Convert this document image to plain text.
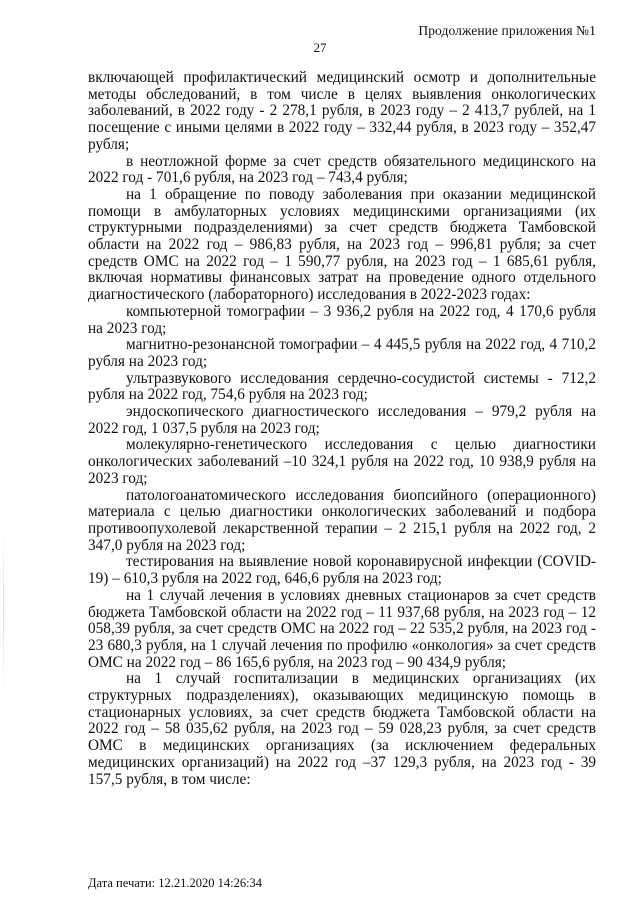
Продолжение приложения №1
27

включающей профилактический медицинский осмотр и дополнительные методы обследований, в том числе в целях выявления онкологических заболеваний, в 2022 году - 2 278,1 рубля, в 2023 году – 2 413,7 рублей, на 1 посещение с иными целями в 2022 году – 332,44 рубля, в 2023 году – 352,47 рубля;

в неотложной форме за счет средств обязательного медицинского на 2022 год - 701,6 рубля, на 2023 год – 743,4 рубля;

на 1 обращение по поводу заболевания при оказании медицинской помощи в амбулаторных условиях медицинскими организациями (их структурными подразделениями) за счет средств бюджета Тамбовской области на 2022 год – 986,83 рубля, на 2023 год – 996,81 рубля; за счет средств ОМС на 2022 год – 1 590,77 рубля, на 2023 год – 1 685,61 рубля, включая нормативы финансовых затрат на проведение одного отдельного диагностического (лабораторного) исследования в 2022-2023 годах:

компьютерной томографии – 3 936,2 рубля на 2022 год, 4 170,6 рубля на 2023 год;

магнитно-резонансной томографии – 4 445,5 рубля на 2022 год, 4 710,2 рубля на 2023 год;

ультразвукового исследования сердечно-сосудистой системы - 712,2 рубля на 2022 год, 754,6 рубля на 2023 год;

эндоскопического диагностического исследования – 979,2 рубля на 2022 год, 1 037,5 рубля на 2023 год;

молекулярно-генетического исследования с целью диагностики онкологических заболеваний –10 324,1 рубля на 2022 год, 10 938,9 рубля на 2023 год;

патологоанатомического исследования биопсийного (операционного) материала с целью диагностики онкологических заболеваний и подбора противоопухолевой лекарственной терапии – 2 215,1 рубля на 2022 год, 2 347,0 рубля на 2023 год;

тестирования на выявление новой коронавирусной инфекции (COVID-19) – 610,3 рубля на 2022 год, 646,6 рубля на 2023 год;

на 1 случай лечения в условиях дневных стационаров за счет средств бюджета Тамбовской области на 2022 год – 11 937,68 рубля, на 2023 год – 12 058,39 рубля, за счет средств ОМС на 2022 год – 22 535,2 рубля, на 2023 год - 23 680,3 рубля, на 1 случай лечения по профилю «онкология» за счет средств ОМС на 2022 год – 86 165,6 рубля, на 2023 год – 90 434,9 рубля;

на 1 случай госпитализации в медицинских организациях (их структурных подразделениях), оказывающих медицинскую помощь в стационарных условиях, за счет средств бюджета Тамбовской области на 2022 год – 58 035,62 рубля, на 2023 год – 59 028,23 рубля, за счет средств ОМС в медицинских организациях (за исключением федеральных медицинских организаций) на 2022 год –37 129,3 рубля, на 2023 год - 39 157,5 рубля, в том числе:

Дата печати: 12.21.2020 14:26:34
